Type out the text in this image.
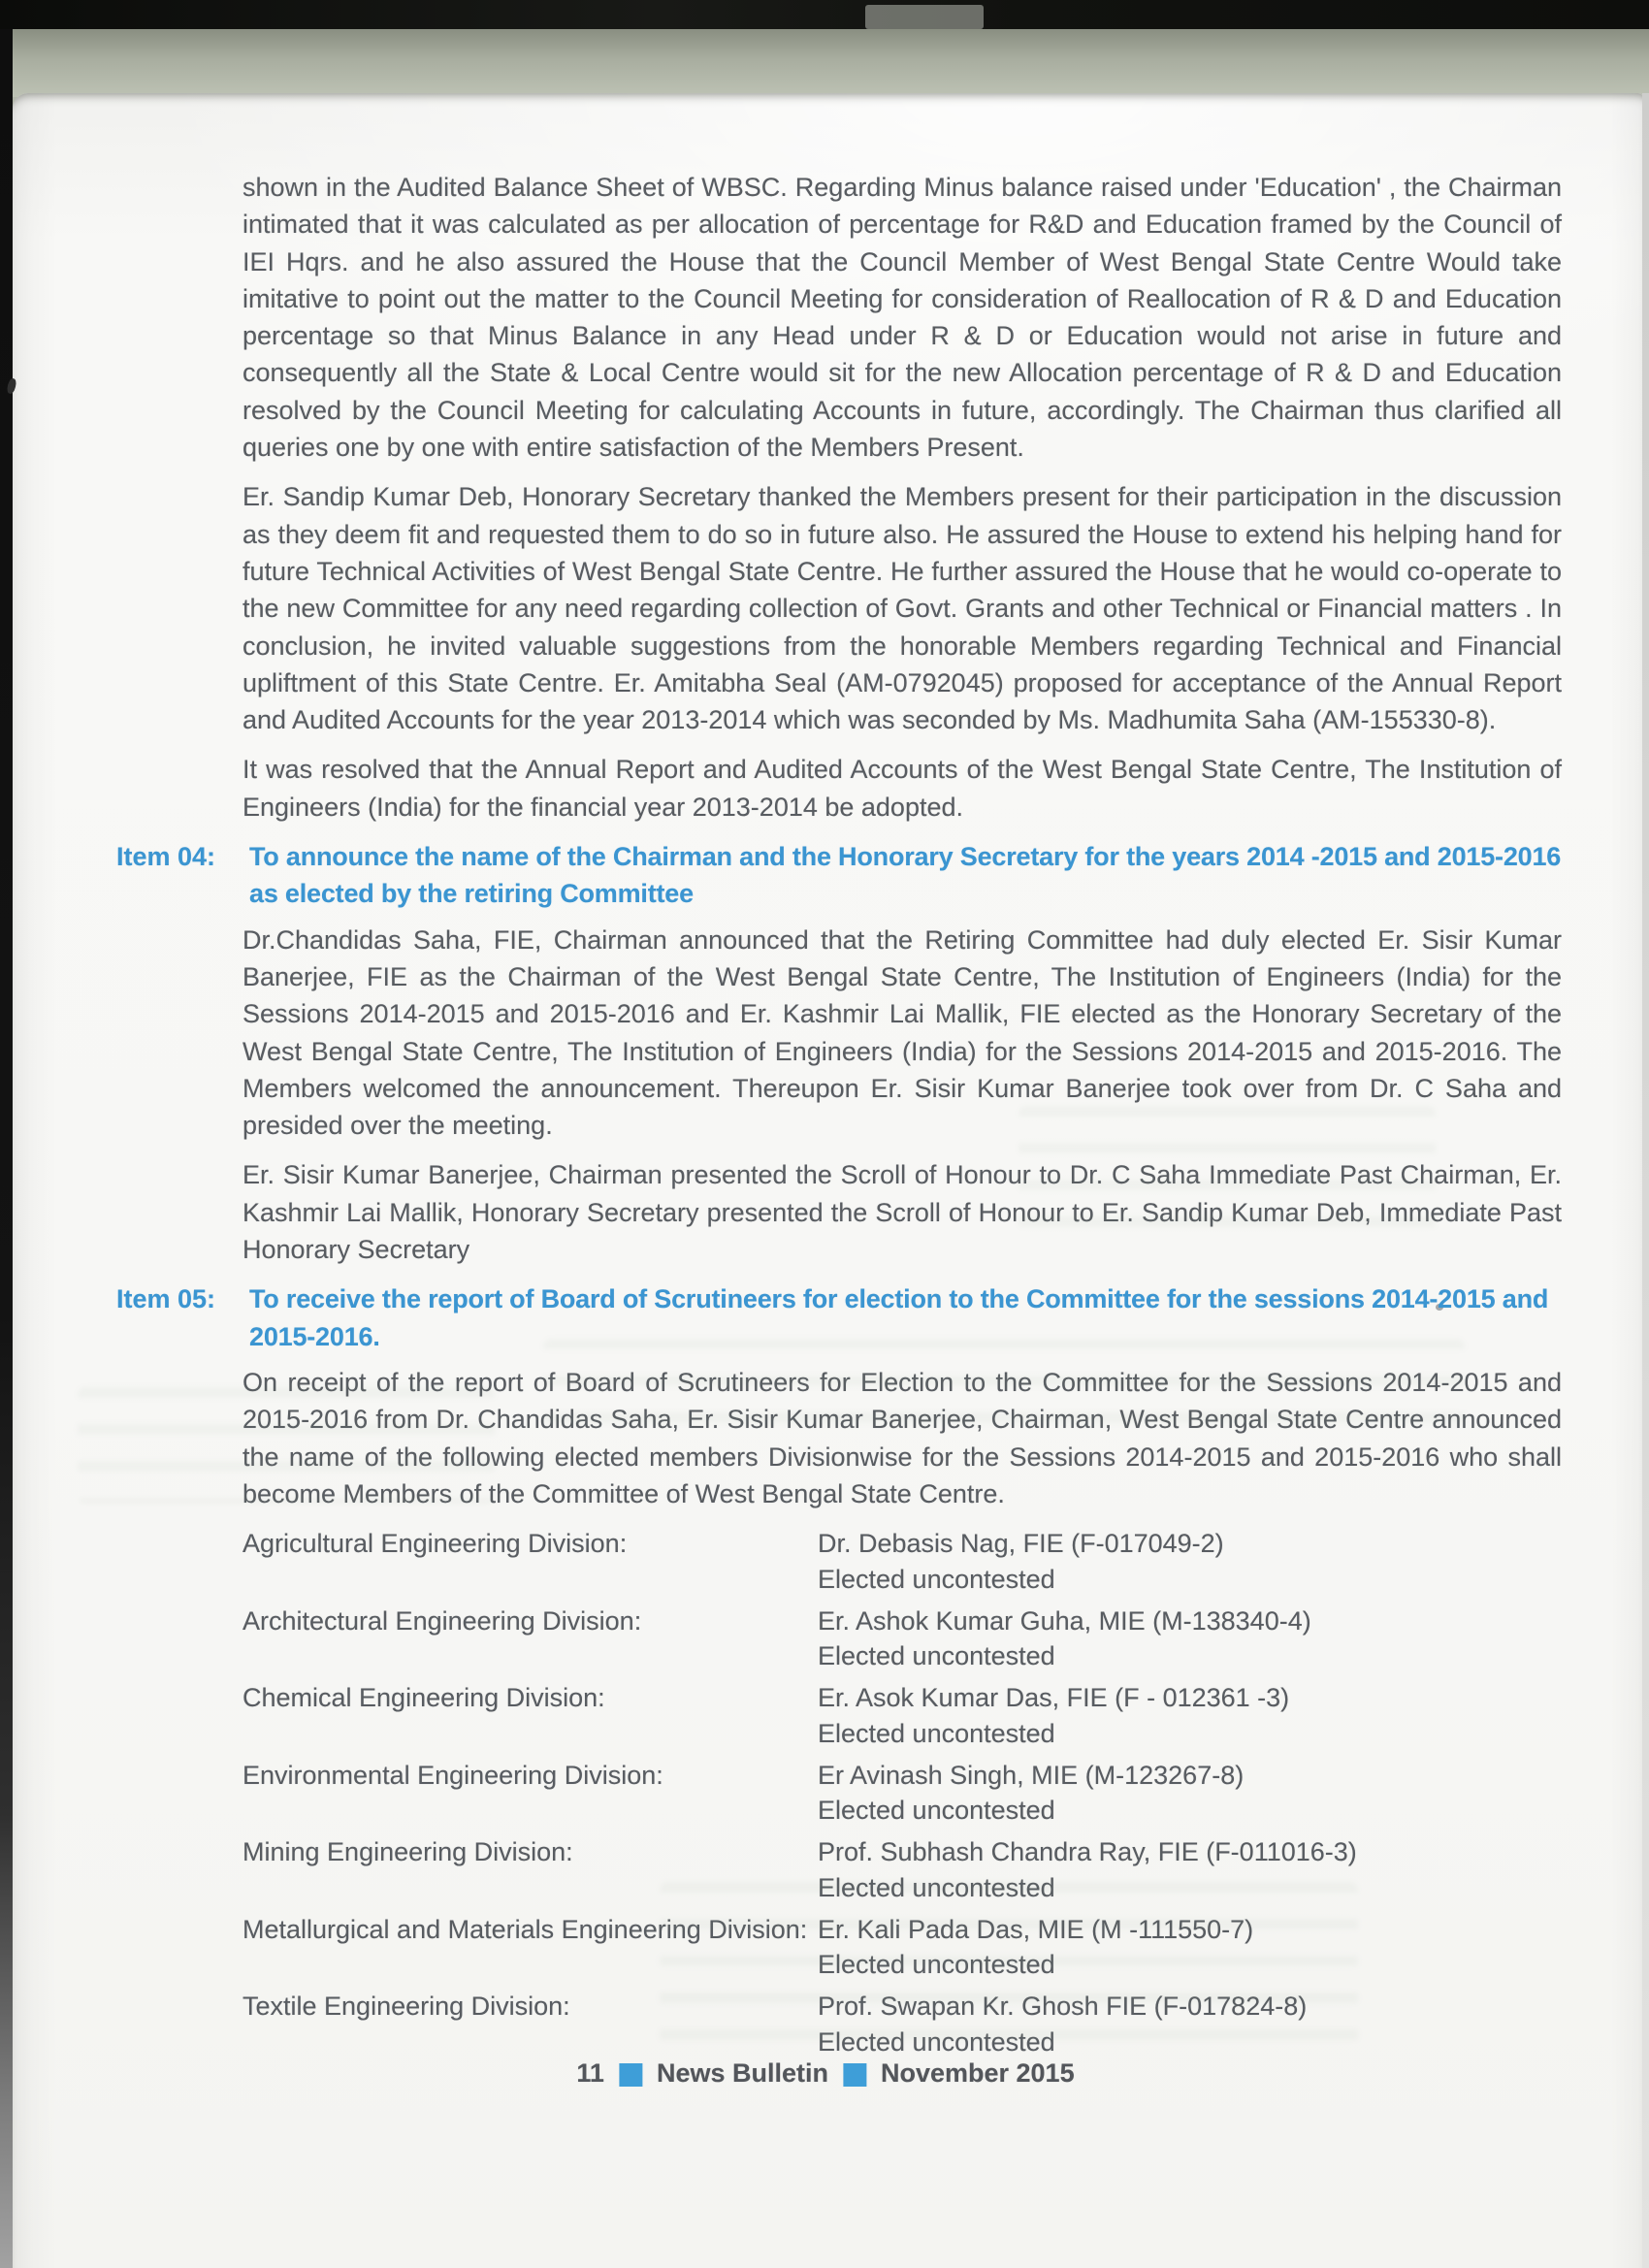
shown in the Audited Balance Sheet of WBSC. Regarding Minus balance raised under 'Education' , the Chairman intimated that it was calculated as per allocation of percentage for R&D and Education framed by the Council of IEI Hqrs. and he also assured the House that the Council Member of West Bengal State Centre Would take imitative to point out the matter to the Council Meeting for consideration of Reallocation of R & D and Education percentage so that Minus Balance in any Head under R & D or Education would not arise in future and consequently all the State & Local Centre would sit for the new Allocation percentage of R & D and Education resolved by the Council Meeting for calculating Accounts in future, accordingly. The Chairman thus clarified all queries one by one with entire satisfaction of the Members Present.

Er. Sandip Kumar Deb, Honorary Secretary thanked the Members present for their participation in the discussion as they deem fit and requested them to do so in future also. He assured the House to extend his helping hand for future Technical Activities of West Bengal State Centre. He further assured the House that he would co-operate to the new Committee for any need regarding collection of Govt. Grants and other Technical or Financial matters . In conclusion, he invited valuable suggestions from the honorable Members regarding Technical and Financial upliftment of this State Centre. Er. Amitabha Seal (AM-0792045) proposed for acceptance of the Annual Report and Audited Accounts for the year 2013-2014 which was seconded by Ms. Madhumita Saha (AM-155330-8).

It was resolved that the Annual Report and Audited Accounts of the West Bengal State Centre, The Institution of Engineers (India) for the financial year 2013-2014 be adopted.

Item 04:	To announce the name of the Chairman and the Honorary Secretary for the years 2014 -2015 and 2015-2016 as elected by the retiring Committee

Dr.Chandidas Saha, FIE, Chairman announced that the Retiring Committee had duly elected Er. Sisir Kumar Banerjee, FIE as the Chairman of the West Bengal State Centre, The Institution of Engineers (India) for the Sessions 2014-2015 and 2015-2016 and Er. Kashmir Lai Mallik, FIE elected as the Honorary Secretary of the West Bengal State Centre, The Institution of Engineers (India) for the Sessions 2014-2015 and 2015-2016. The Members welcomed the announcement. Thereupon Er. Sisir Kumar Banerjee took over from Dr. C Saha and presided over the meeting.

Er. Sisir Kumar Banerjee, Chairman presented the Scroll of Honour to Dr. C Saha Immediate Past Chairman, Er. Kashmir Lai Mallik, Honorary Secretary presented the Scroll of Honour to Er. Sandip Kumar Deb, Immediate Past Honorary Secretary

Item 05:	To receive the report of Board of Scrutineers for election to the Committee for the sessions 2014-2015 and 2015-2016.

On receipt of the report of Board of Scrutineers for Election to the Committee for the Sessions 2014-2015 and 2015-2016 from Dr. Chandidas Saha, Er. Sisir Kumar Banerjee, Chairman, West Bengal State Centre announced the name of the following elected members Divisionwise for the Sessions 2014-2015 and 2015-2016 who shall become Members of the Committee of West Bengal State Centre.

Agricultural Engineering Division:	Dr. Debasis Nag, FIE (F-017049-2)
Elected uncontested
Architectural Engineering Division:	Er. Ashok Kumar Guha, MIE (M-138340-4)
Elected uncontested
Chemical Engineering Division:	Er. Asok Kumar Das, FIE (F - 012361 -3)
Elected uncontested
Environmental Engineering Division:	Er Avinash Singh, MIE (M-123267-8)
Elected uncontested
Mining Engineering Division:	Prof. Subhash Chandra Ray, FIE (F-011016-3)
Elected uncontested
Metallurgical and Materials Engineering Division: Er. Kali Pada Das, MIE (M -111550-7)
Elected uncontested
Textile Engineering Division:	Prof. Swapan Kr. Ghosh FIE (F-017824-8)
Elected uncontested
11 News Bulletin November 2015
